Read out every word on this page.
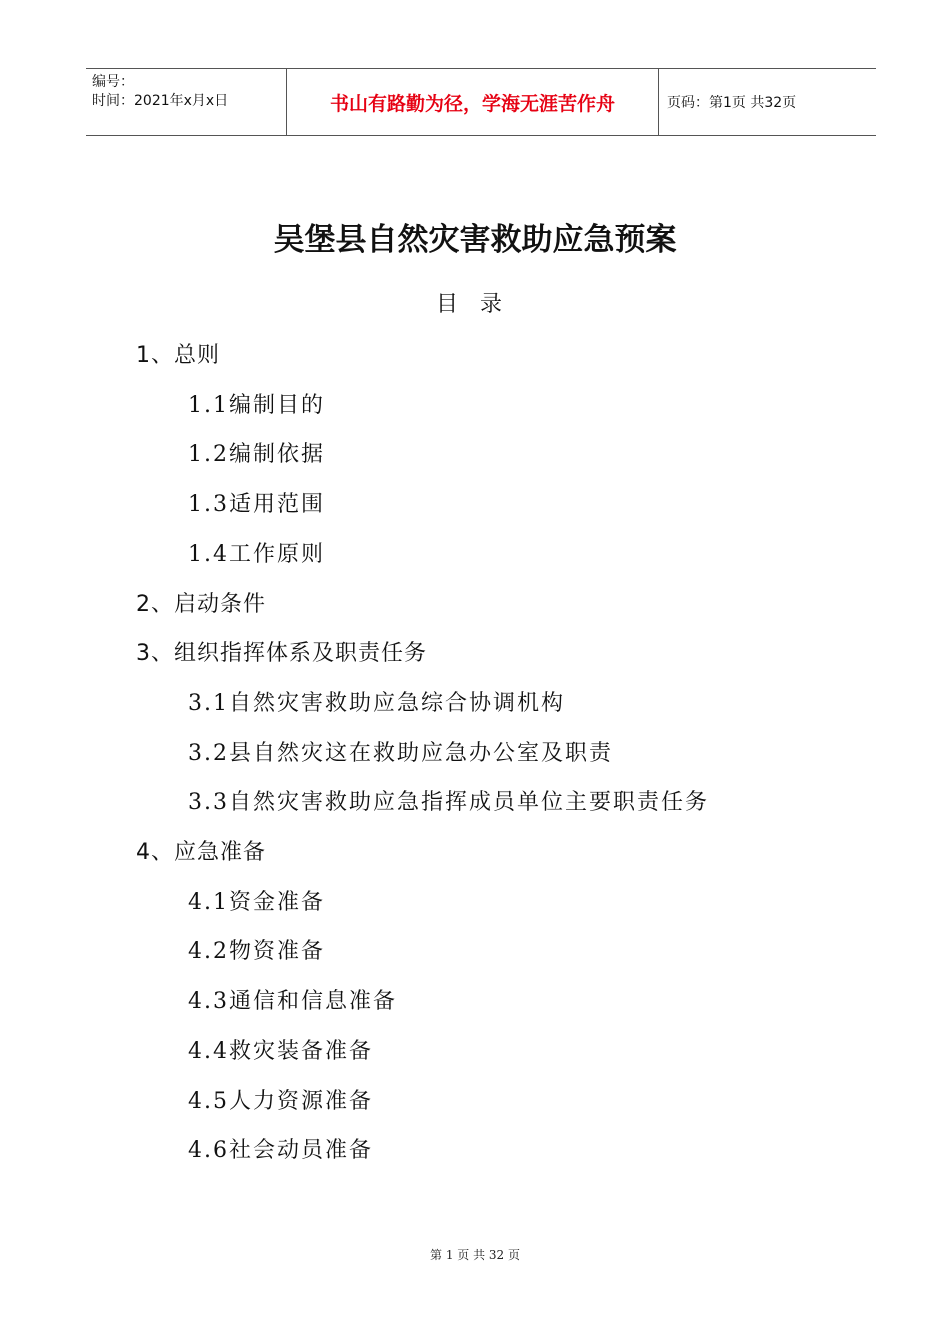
编号：
时间：2021年x月x日	书山有路勤为径，学海无涯苦作舟	页码：第1页 共32页
吴堡县自然灾害救助应急预案
目录
1、总则
1.1编制目的
1.2编制依据
1.3适用范围
1.4工作原则
2、启动条件
3、组织指挥体系及职责任务
3.1自然灾害救助应急综合协调机构
3.2县自然灾这在救助应急办公室及职责
3.3自然灾害救助应急指挥成员单位主要职责任务
4、应急准备
4.1资金准备
4.2物资准备
4.3通信和信息准备
4.4救灾装备准备
4.5人力资源准备
4.6社会动员准备
第 1 页 共 32 页
